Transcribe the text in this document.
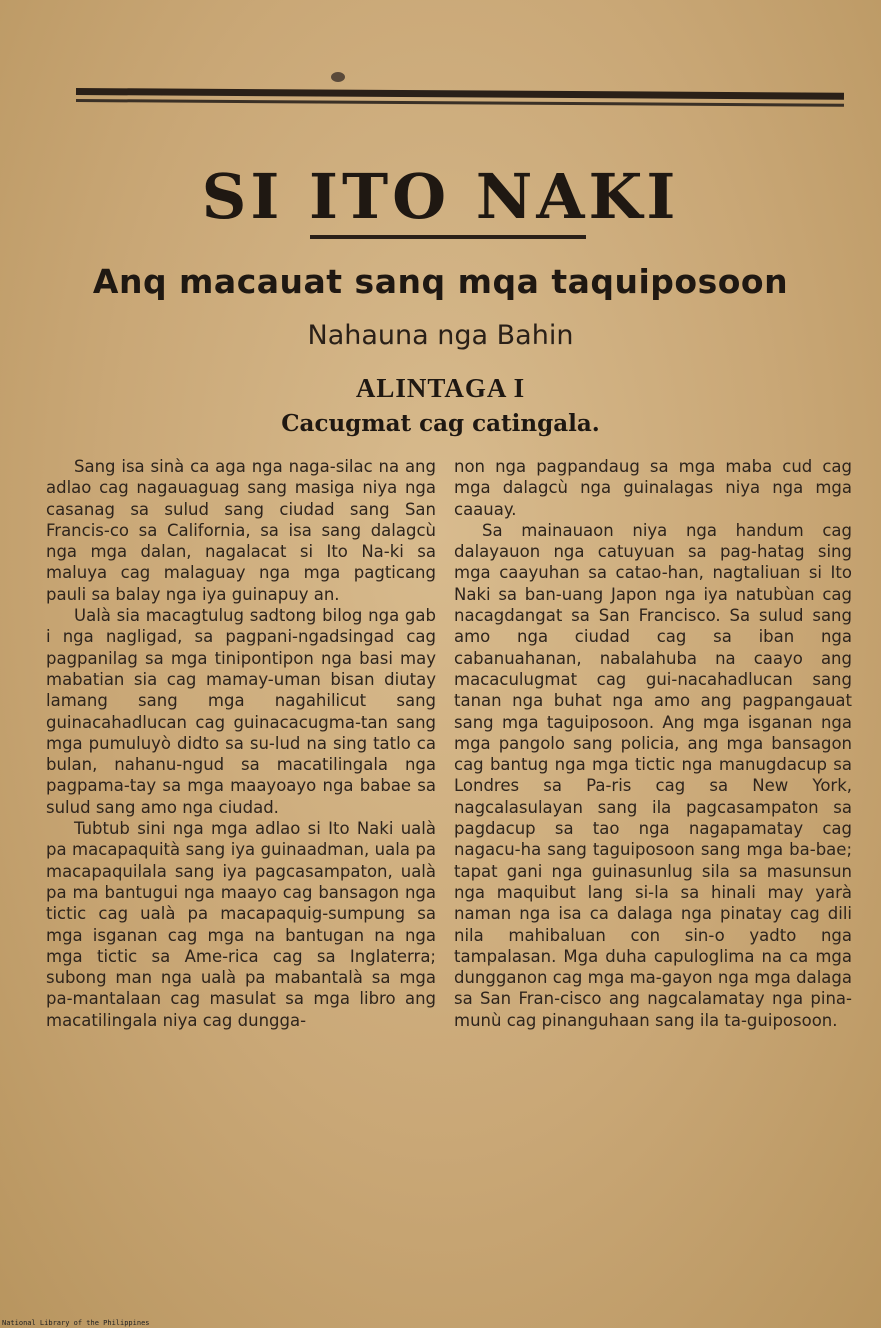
SI ITO NAKI
Anq macauat sanq mqa taquiposoon
Nahauna nga Bahin
ALINTAGA I
Cacugmat cag catingala.

Sang isa sinà ca aga nga naga-silac na ang adlao cag nagauaguag sang masiga niya nga casanag sa sulud sang ciudad sang San Francis-co sa California, sa isa sang dalagcù nga mga dalan, nagalacat si Ito Na-ki sa maluya cag malaguay nga mga pagticang pauli sa balay nga iya guinapuy an.

Ualà sia macagtulug sadtong bilog nga gab i nga nagligad, sa pagpani-ngadsingad cag pagpanilag sa mga tinipontipon nga basi may mabatian sia cag mamay-uman bisan diutay lamang sang mga nagahilicut sang guinacahadlucan cag guinacacugma-tan sang mga pumuluyò didto sa su-lud na sing tatlo ca bulan, nahanu-ngud sa macatilingala nga pagpama-tay sa mga maayoayo nga babae sa sulud sang amo nga ciudad.

Tubtub sini nga mga adlao si Ito Naki ualà pa macapaquità sang iya guinaadman, uala pa macapaquilala sang iya pagcasampaton, ualà pa ma bantugui nga maayo cag bansagon nga tictic cag ualà pa macapaquig-sumpung sa mga isganan cag mga na bantugan na nga mga tictic sa Ame-rica cag sa Inglaterra; subong man nga ualà pa mabantalà sa mga pa-mantalaan cag masulat sa mga libro ang macatilingala niya cag dungga-

non nga pagpandaug sa mga maba cud cag mga dalagcù nga guinalagas niya nga mga caauay.

Sa mainauaon niya nga handum cag dalayauon nga catuyuan sa pag-hatag sing mga caayuhan sa catao-han, nagtaliuan si Ito Naki sa ban-uang Japon nga iya natubùan cag nacagdangat sa San Francisco. Sa sulud sang amo nga ciudad cag sa iban nga cabanuahanan, nabalahuba na caayo ang macaculugmat cag gui-nacahadlucan sang tanan nga buhat nga amo ang pagpangauat sang mga taguiposoon. Ang mga isganan nga mga pangolo sang policia, ang mga bansagon cag bantug nga mga tictic nga manugdacup sa Londres sa Pa-ris cag sa New York, nagcalasulayan sang ila pagcasampaton sa pagdacup sa tao nga nagapamatay cag nagacu-ha sang taguiposoon sang mga ba-bae; tapat gani nga guinasunlug sila sa masunsun nga maquibut lang si-la sa hinali may yarà naman nga isa ca dalaga nga pinatay cag dili nila mahibaluan con sin-o yadto nga tampalasan. Mga duha capuloglima na ca mga dungganon cag mga ma-gayon nga mga dalaga sa San Fran-cisco ang nagcalamatay nga pina-munù cag pinanguhaan sang ila ta-guiposoon.

National Library of the Philippines
